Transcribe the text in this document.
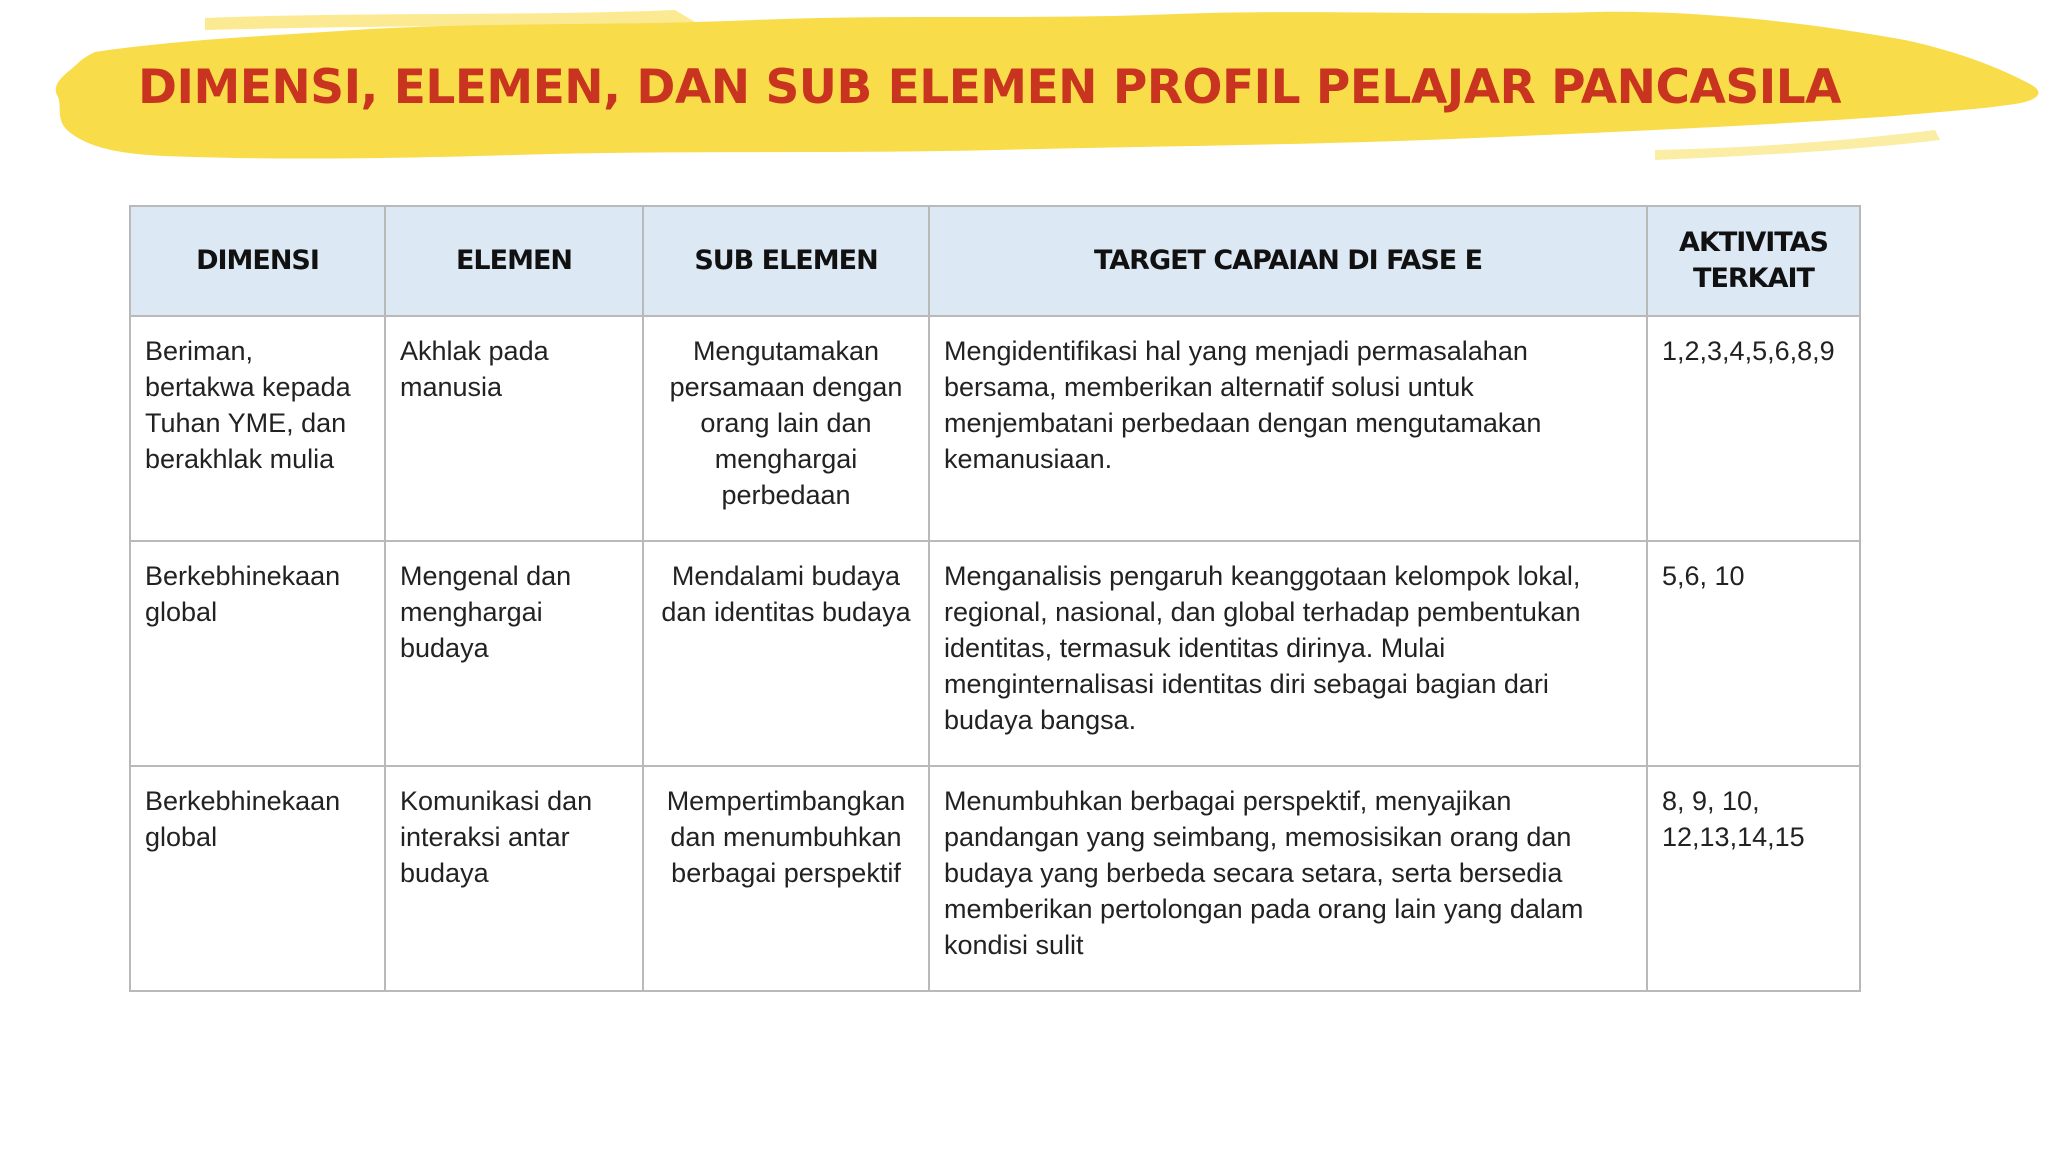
DIMENSI, ELEMEN, DAN SUB ELEMEN PROFIL PELAJAR PANCASILA
DIMENSI	ELEMEN	SUB ELEMEN	TARGET CAPAIAN DI FASE E	AKTIVITAS TERKAIT
Beriman, bertakwa kepada Tuhan YME, dan berakhlak mulia	Akhlak pada manusia	Mengutamakan persamaan dengan orang lain dan menghargai perbedaan	Mengidentifikasi hal yang menjadi permasalahan bersama, memberikan alternatif solusi untuk menjembatani perbedaan dengan mengutamakan kemanusiaan.	1,2,3,4,5,6,8,9
Berkebhinekaan global	Mengenal dan menghargai budaya	Mendalami budaya dan identitas budaya	Menganalisis pengaruh keanggotaan kelompok lokal, regional, nasional, dan global terhadap pembentukan identitas, termasuk identitas dirinya. Mulai menginternalisasi identitas diri sebagai bagian dari budaya bangsa.	5,6, 10
Berkebhinekaan global	Komunikasi dan interaksi antar budaya	Mempertimbangkan dan menumbuhkan berbagai perspektif	Menumbuhkan berbagai perspektif, menyajikan pandangan yang seimbang, memosisikan orang dan budaya yang berbeda secara setara, serta bersedia memberikan pertolongan pada orang lain yang dalam kondisi sulit	8, 9, 10, 12,13,14,15
